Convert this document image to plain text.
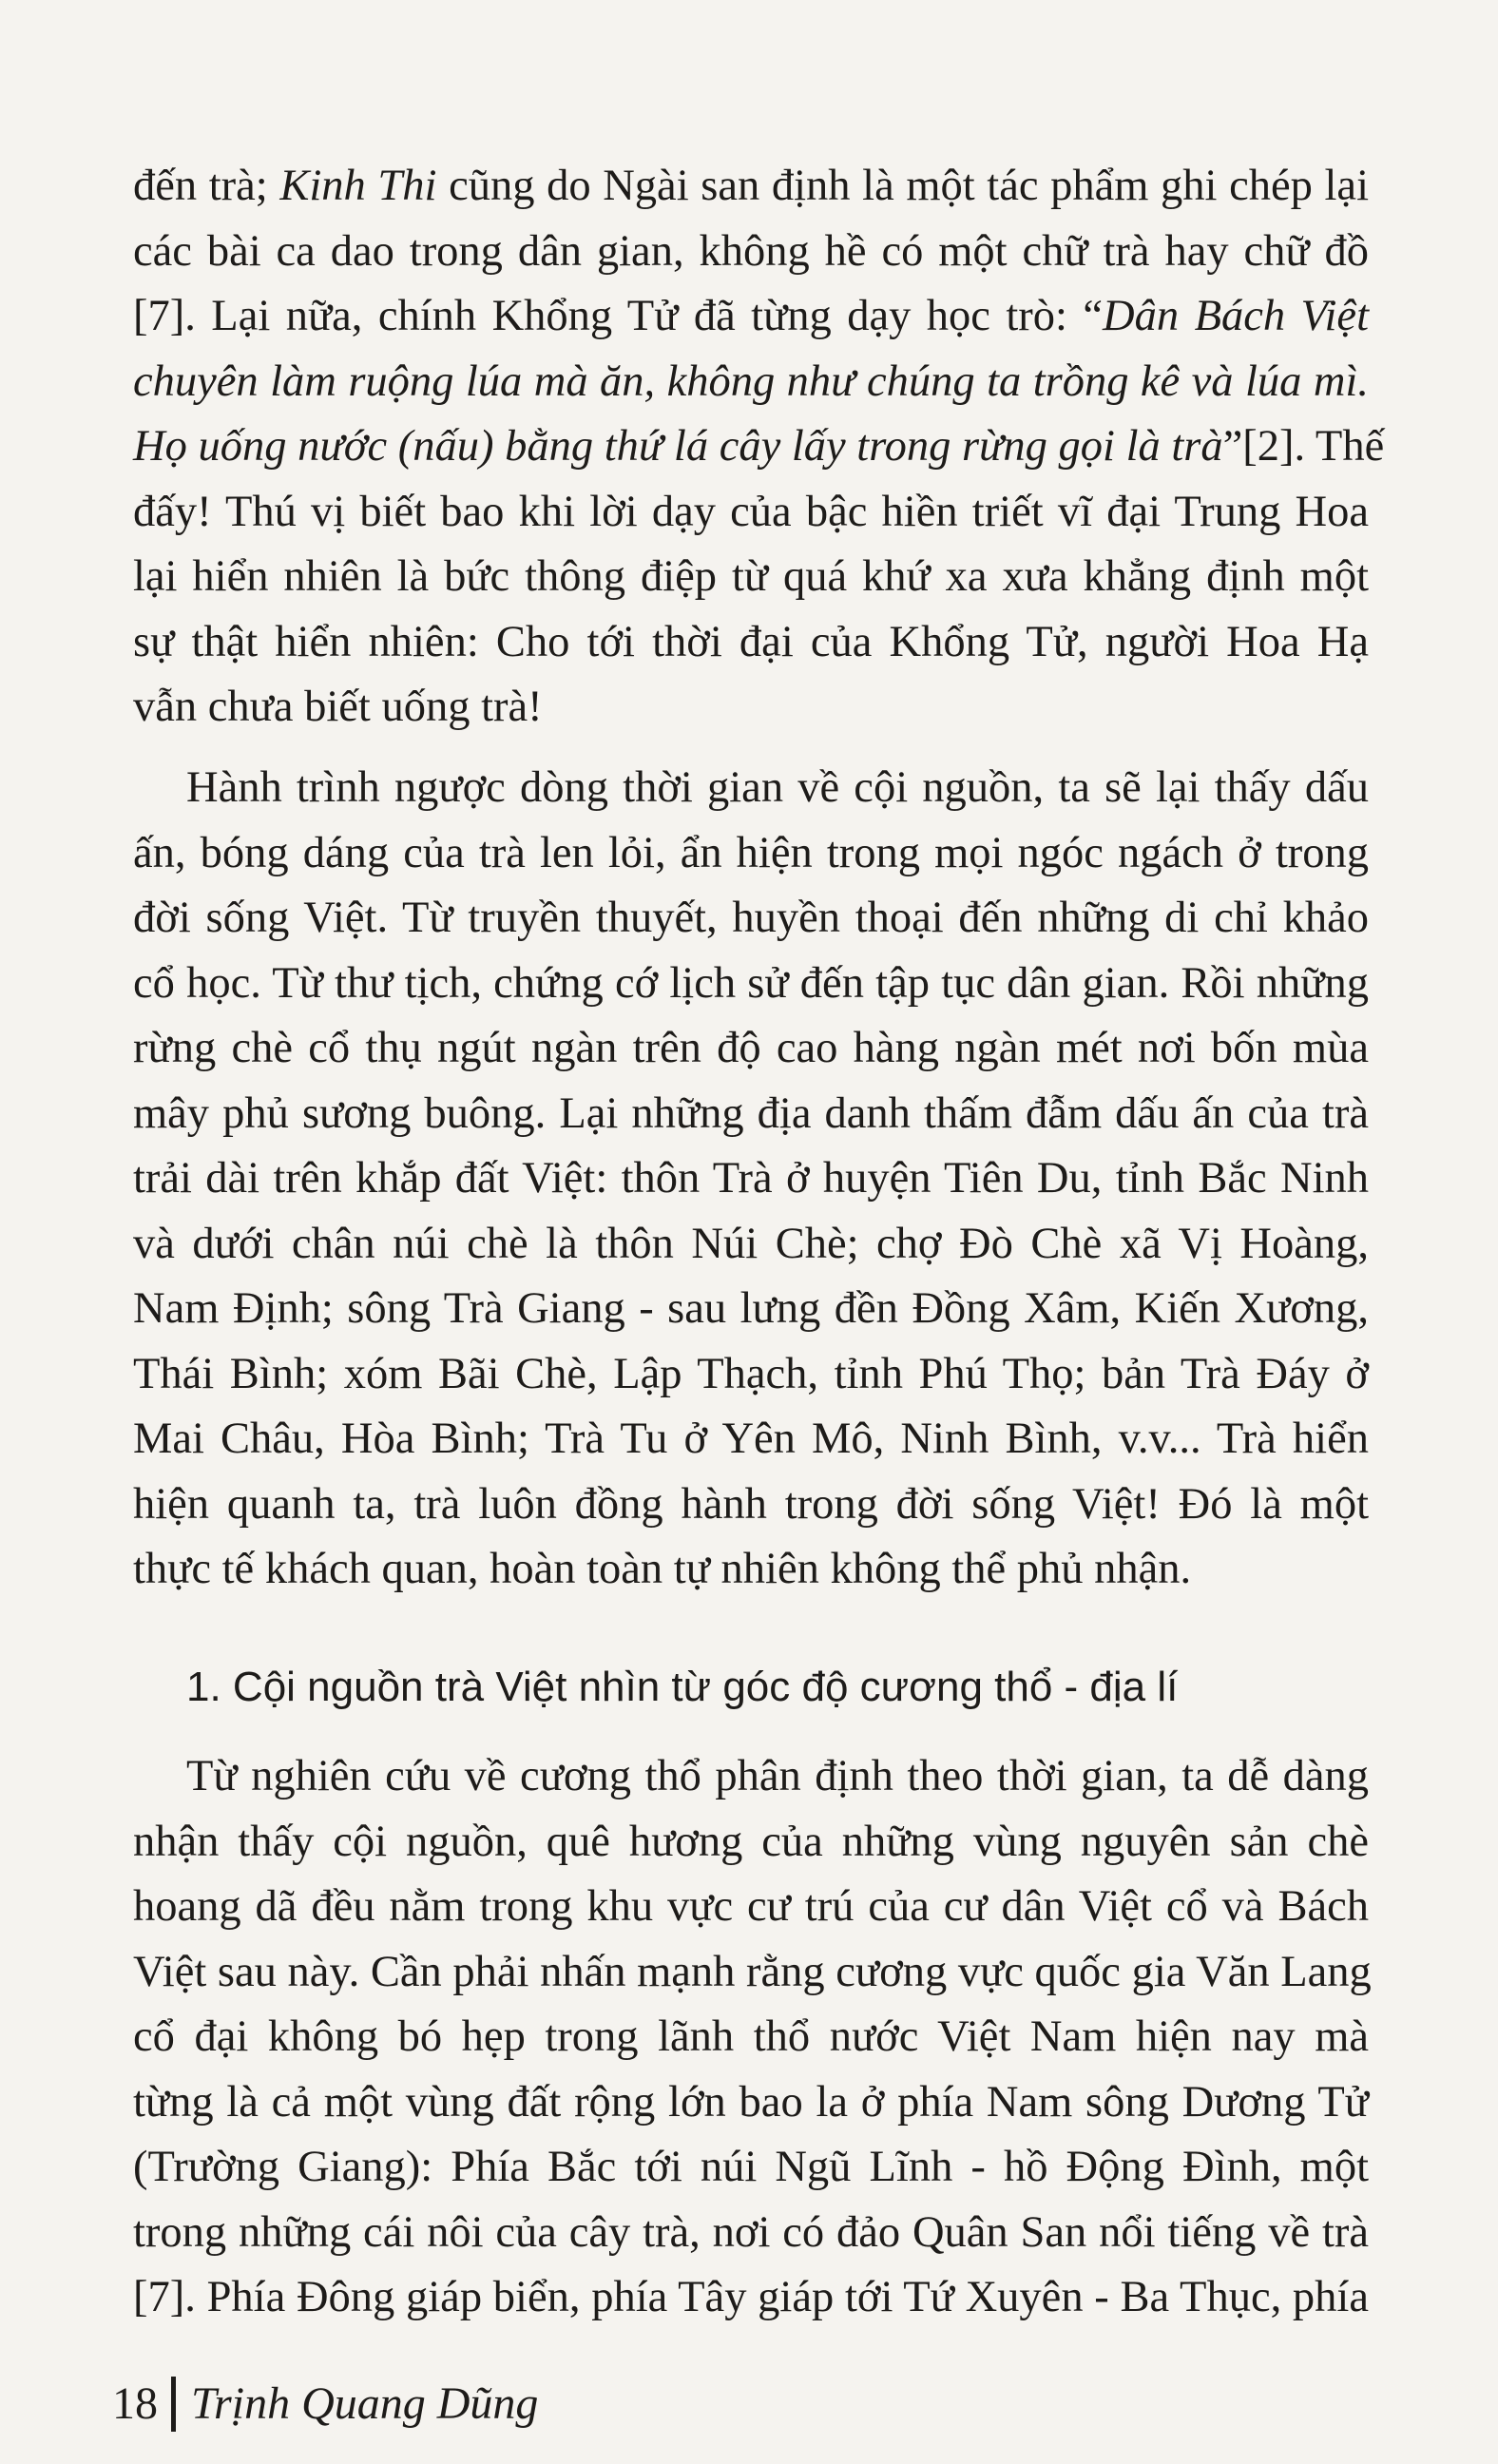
đến trà; Kinh Thi cũng do Ngài san định là một tác phẩm ghi chép lại
các bài ca dao trong dân gian, không hề có một chữ trà hay chữ đồ
[7]. Lại nữa, chính Khổng Tử đã từng dạy học trò: “Dân Bách Việt
chuyên làm ruộng lúa mà ăn, không như chúng ta trồng kê và lúa mì.
Họ uống nước (nấu) bằng thứ lá cây lấy trong rừng gọi là trà”[2]. Thế
đấy! Thú vị biết bao khi lời dạy của bậc hiền triết vĩ đại Trung Hoa
lại hiển nhiên là bức thông điệp từ quá khứ xa xưa khẳng định một
sự thật hiển nhiên: Cho tới thời đại của Khổng Tử, người Hoa Hạ
vẫn chưa biết uống trà!
Hành trình ngược dòng thời gian về cội nguồn, ta sẽ lại thấy dấu
ấn, bóng dáng của trà len lỏi, ẩn hiện trong mọi ngóc ngách ở trong
đời sống Việt. Từ truyền thuyết, huyền thoại đến những di chỉ khảo
cổ học. Từ thư tịch, chứng cớ lịch sử đến tập tục dân gian. Rồi những
rừng chè cổ thụ ngút ngàn trên độ cao hàng ngàn mét nơi bốn mùa
mây phủ sương buông. Lại những địa danh thấm đẫm dấu ấn của trà
trải dài trên khắp đất Việt: thôn Trà ở huyện Tiên Du, tỉnh Bắc Ninh
và dưới chân núi chè là thôn Núi Chè; chợ Đò Chè xã Vị Hoàng,
Nam Định; sông Trà Giang - sau lưng đền Đồng Xâm, Kiến Xương,
Thái Bình; xóm Bãi Chè, Lập Thạch, tỉnh Phú Thọ; bản Trà Đáy ở
Mai Châu, Hòa Bình; Trà Tu ở Yên Mô, Ninh Bình, v.v... Trà hiển
hiện quanh ta, trà luôn đồng hành trong đời sống Việt! Đó là một
thực tế khách quan, hoàn toàn tự nhiên không thể phủ nhận.
1. Cội nguồn trà Việt nhìn từ góc độ cương thổ - địa lí
Từ nghiên cứu về cương thổ phân định theo thời gian, ta dễ dàng
nhận thấy cội nguồn, quê hương của những vùng nguyên sản chè
hoang dã đều nằm trong khu vực cư trú của cư dân Việt cổ và Bách
Việt sau này. Cần phải nhấn mạnh rằng cương vực quốc gia Văn Lang
cổ đại không bó hẹp trong lãnh thổ nước Việt Nam hiện nay mà
từng là cả một vùng đất rộng lớn bao la ở phía Nam sông Dương Tử
(Trường Giang): Phía Bắc tới núi Ngũ Lĩnh - hồ Động Đình, một
trong những cái nôi của cây trà, nơi có đảo Quân San nổi tiếng về trà
[7]. Phía Đông giáp biển, phía Tây giáp tới Tứ Xuyên - Ba Thục, phía
18 Trịnh Quang Dũng
